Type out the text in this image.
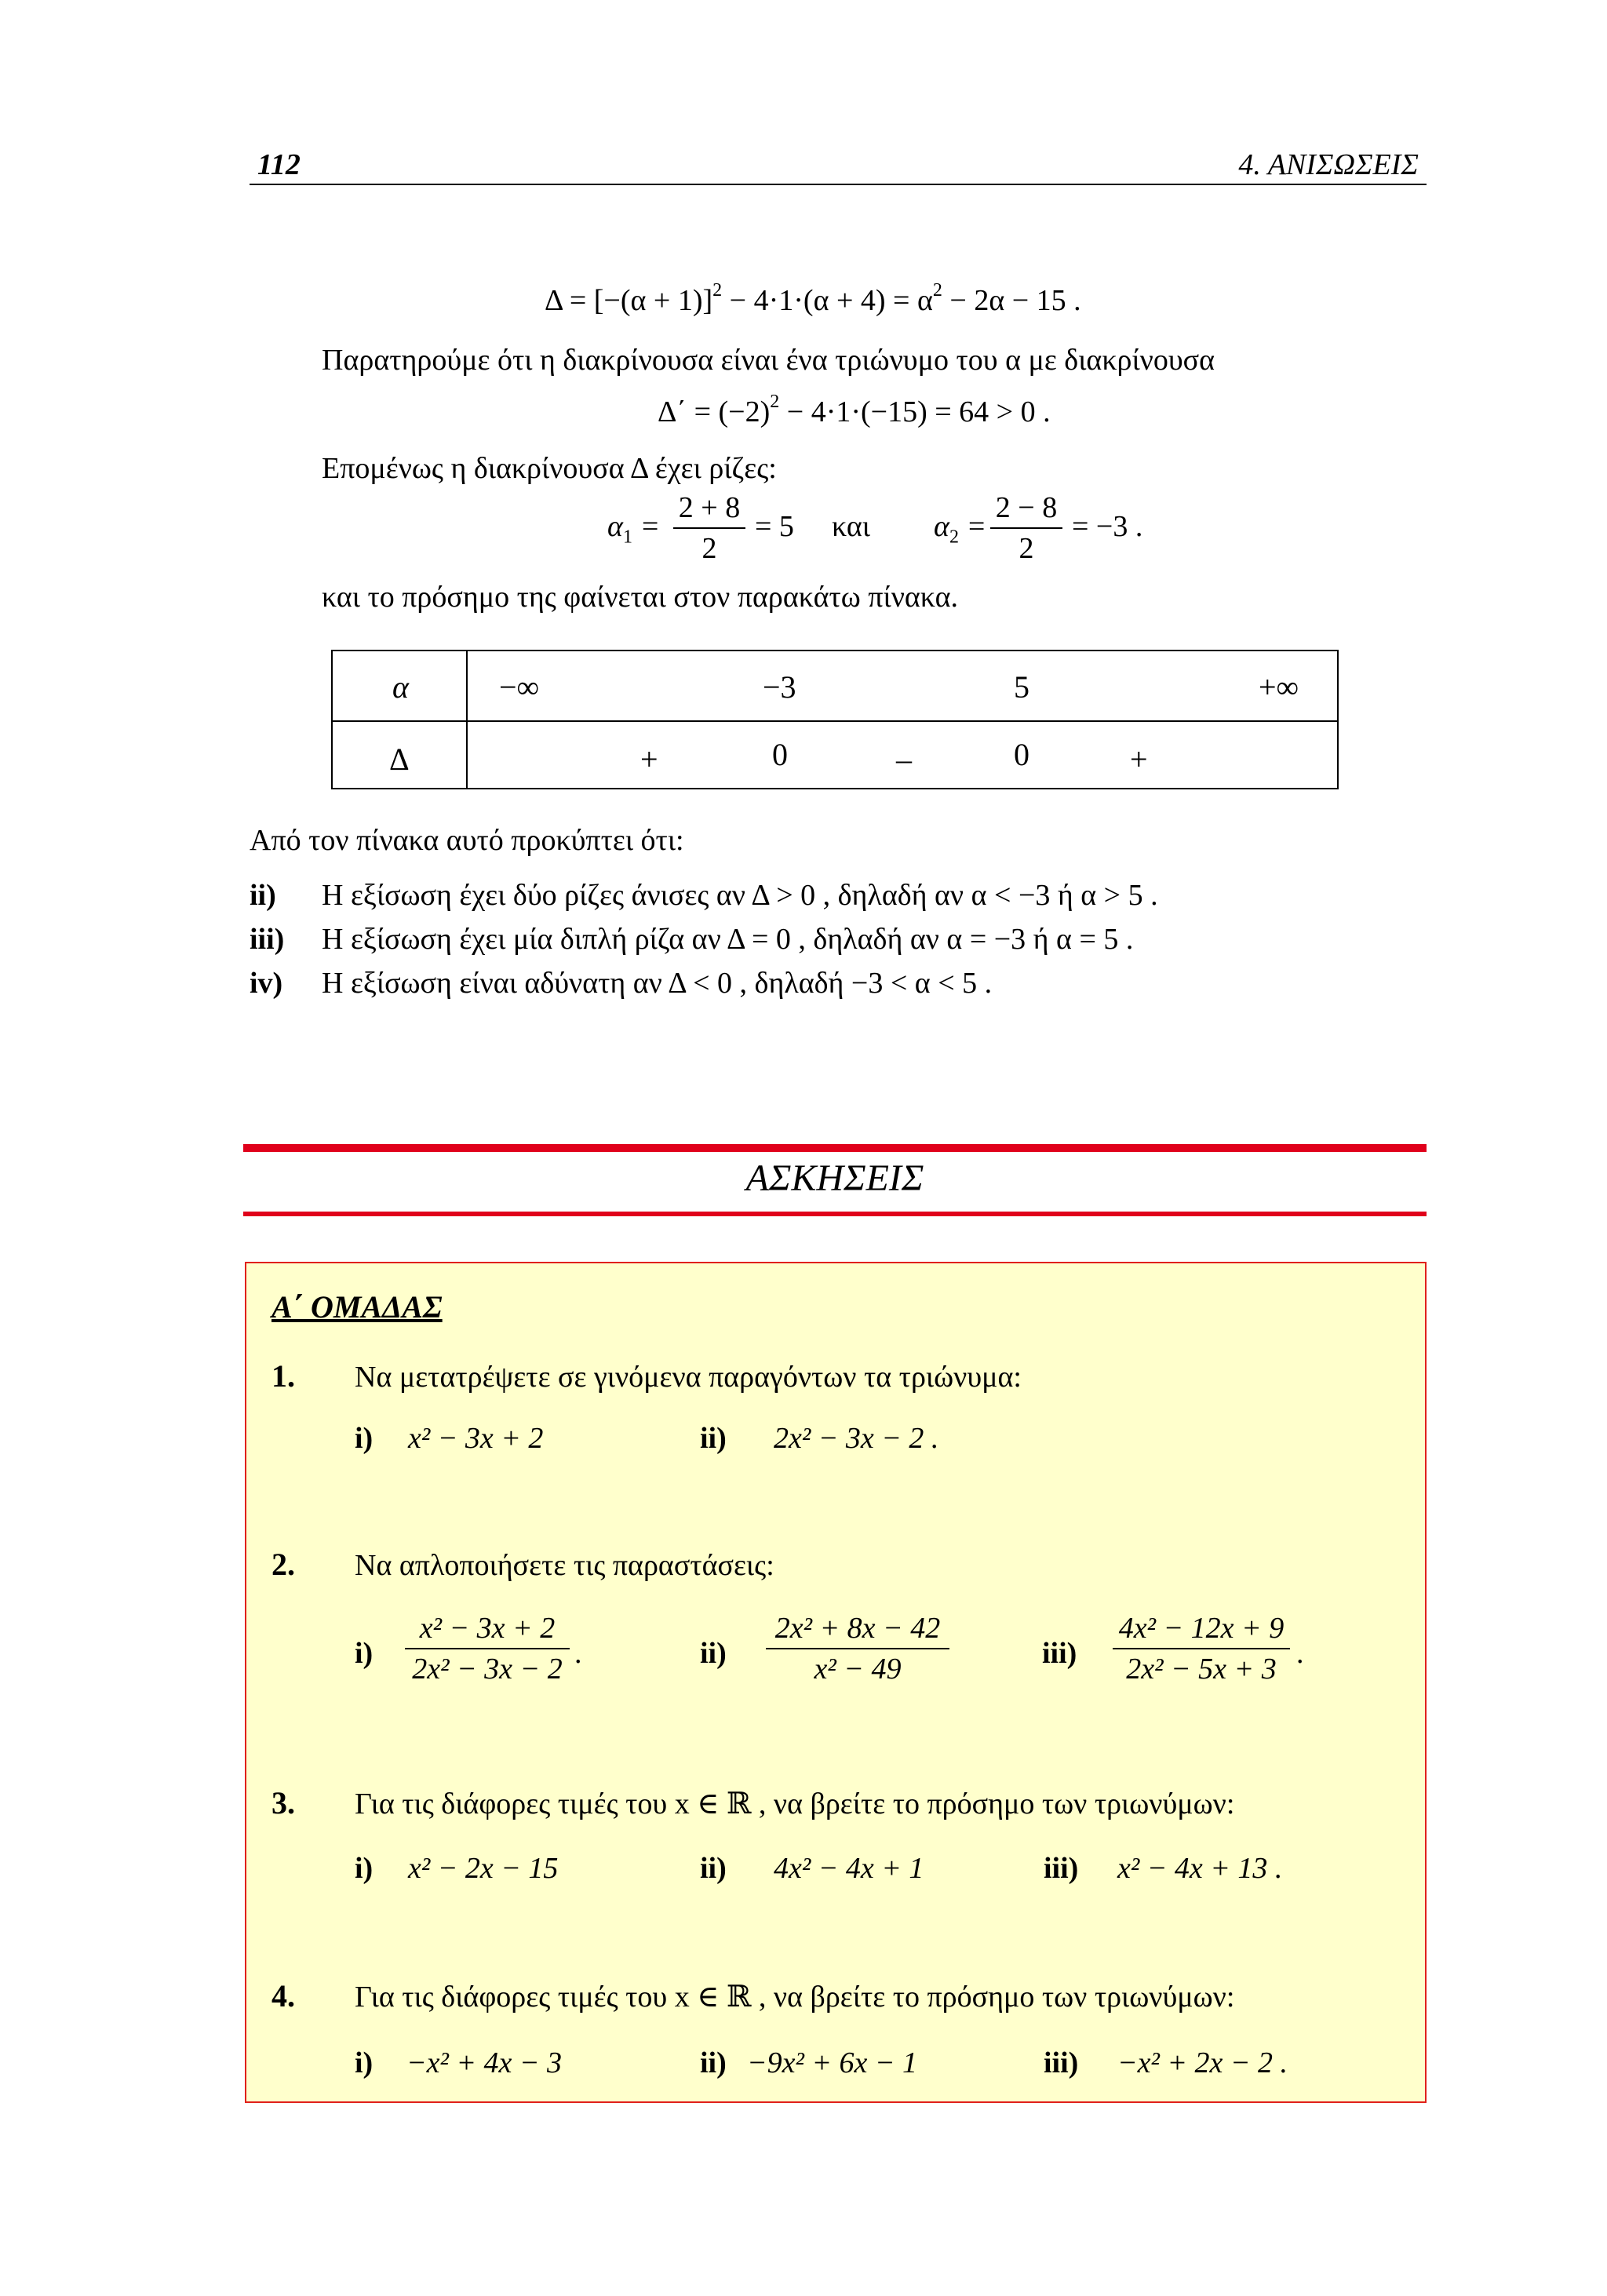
112	4. ΑΝΙΣΩΣΕΙΣ
$\Delta = [-(\alpha + 1)]^2 - 4\cdot 1\cdot(\alpha + 4) = \alpha^2 - 2\alpha - 15$ .
Παρατηρούμε ότι η διακρίνουσα είναι ένα τριώνυμο του α με διακρίνουσα
$\Delta΄ = (-2)^2 - 4\cdot 1\cdot(-15) = 64 > 0$ .
Επομένως η διακρίνουσα Δ έχει ρίζες:
$\alpha_1$ =
2 + 8
2
= 5 και $\alpha_2$ =
2 − 8
2
= −3 .
και το πρόσημο της φαίνεται στον παρακάτω πίνακα.
α	−∞	−3	5	+∞
Δ	+	0	–	0	+
Από τον πίνακα αυτό προκύπτει ότι:
ii) Η εξίσωση έχει δύο ρίζες άνισες αν Δ > 0 , δηλαδή αν α < −3 ή α > 5 .
iii) Η εξίσωση έχει μία διπλή ρίζα αν Δ = 0 , δηλαδή αν α = −3 ή α = 5 .
iv) Η εξίσωση είναι αδύνατη αν Δ < 0 , δηλαδή −3 < α < 5 .
ΑΣΚΗΣΕΙΣ
Α΄ ΟΜΑΔΑΣ
1. Να μετατρέψετε σε γινόμενα παραγόντων τα τριώνυμα:
i) x² − 3x + 2	ii) 2x² − 3x − 2 .
2. Να απλοποιήσετε τις παραστάσεις:
i)
x² − 3x + 2
2x² − 3x − 2 .	ii)
2x² + 8x − 42
x² − 49	iii)
4x² − 12x + 9
2x² − 5x + 3 .
3. Για τις διάφορες τιμές του x ∈ ℝ , να βρείτε το πρόσημο των τριωνύμων:
i) x² − 2x − 15	ii) 4x² − 4x + 1	iii) x² − 4x + 13 .
4. Για τις διάφορες τιμές του x ∈ ℝ , να βρείτε το πρόσημο των τριωνύμων:
i) −x² + 4x − 3	ii) −9x² + 6x − 1	iii) −x² + 2x − 2 .
